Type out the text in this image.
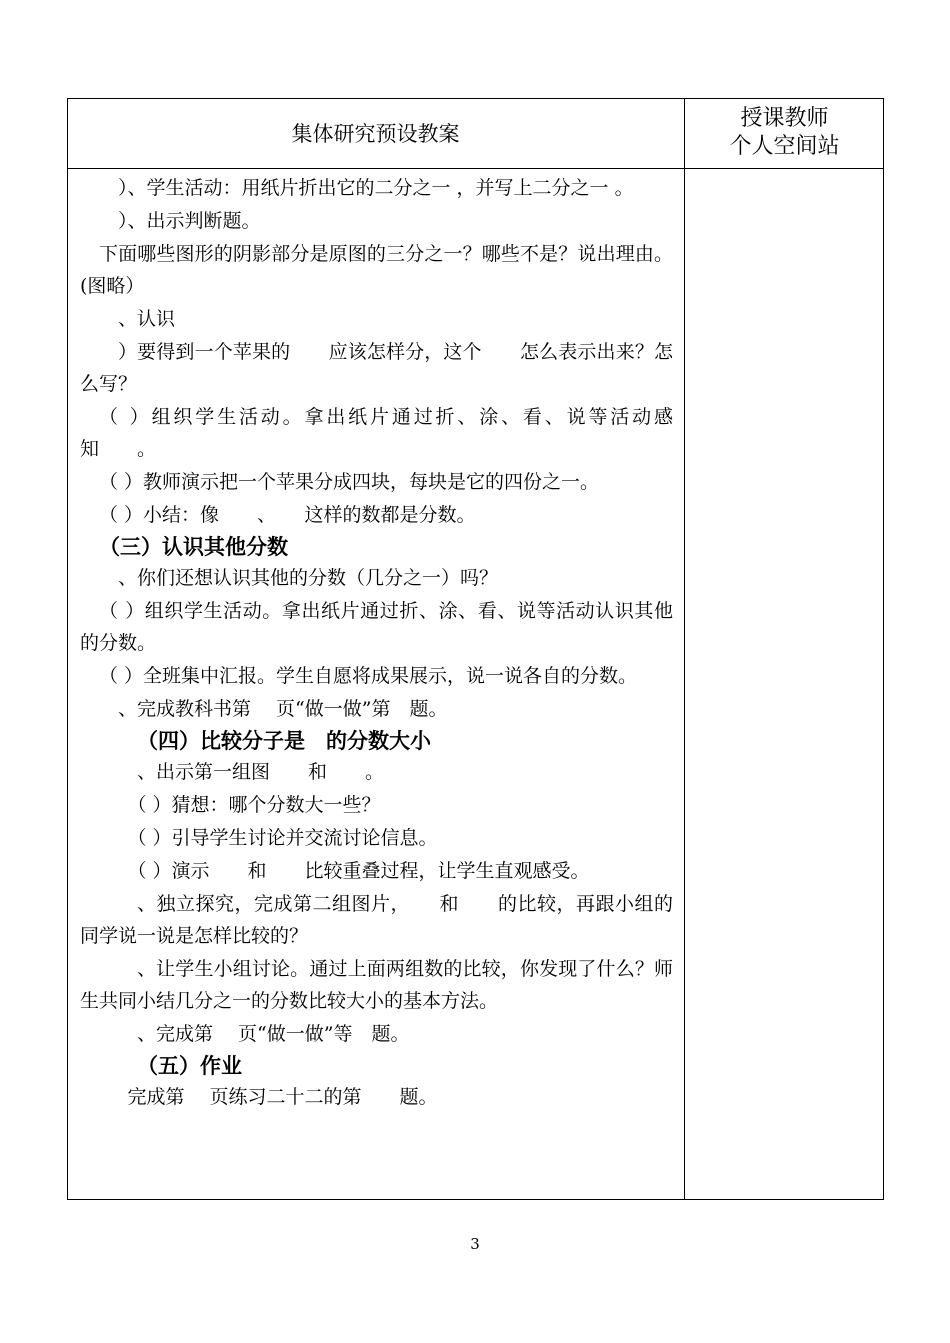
集体研究预设教案
授课教师
个人空间站
）、学生活动：用纸片折出它的二分之一 ，并写上二分之一 。
）、出示判断题。
下面哪些图形的阴影部分是原图的三分之一？哪些不是？说出理由。(图略）
、认识
）要得到一个苹果的　　应该怎样分，这个　　怎么表示出来？怎么写？
（ ）组织学生活动。拿出纸片通过折、涂、看、说等活动感知　　。
（ ）教师演示把一个苹果分成四块，每块是它的四份之一。
（ ）小结：像　　、　　这样的数都是分数。
（三）认识其他分数
、你们还想认识其他的分数（几分之一）吗？
（ ）组织学生活动。拿出纸片通过折、涂、看、说等活动认识其他的分数。
（ ）全班集中汇报。学生自愿将成果展示，说一说各自的分数。
、完成教科书第　 页“做一做”第　题。
（四）比较分子是　的分数大小
、出示第一组图　　和　　。
（ ）猜想：哪个分数大一些？
（ ）引导学生讨论并交流讨论信息。
（ ）演示　　和　　比较重叠过程，让学生直观感受。
、独立探究，完成第二组图片，　　和　　的比较，再跟小组的同学说一说是怎样比较的？
、让学生小组讨论。通过上面两组数的比较，你发现了什么？师生共同小结几分之一的分数比较大小的基本方法。
、完成第　 页“做一做”等　题。
（五）作业
完成第　 页练习二十二的第　　题。
3
